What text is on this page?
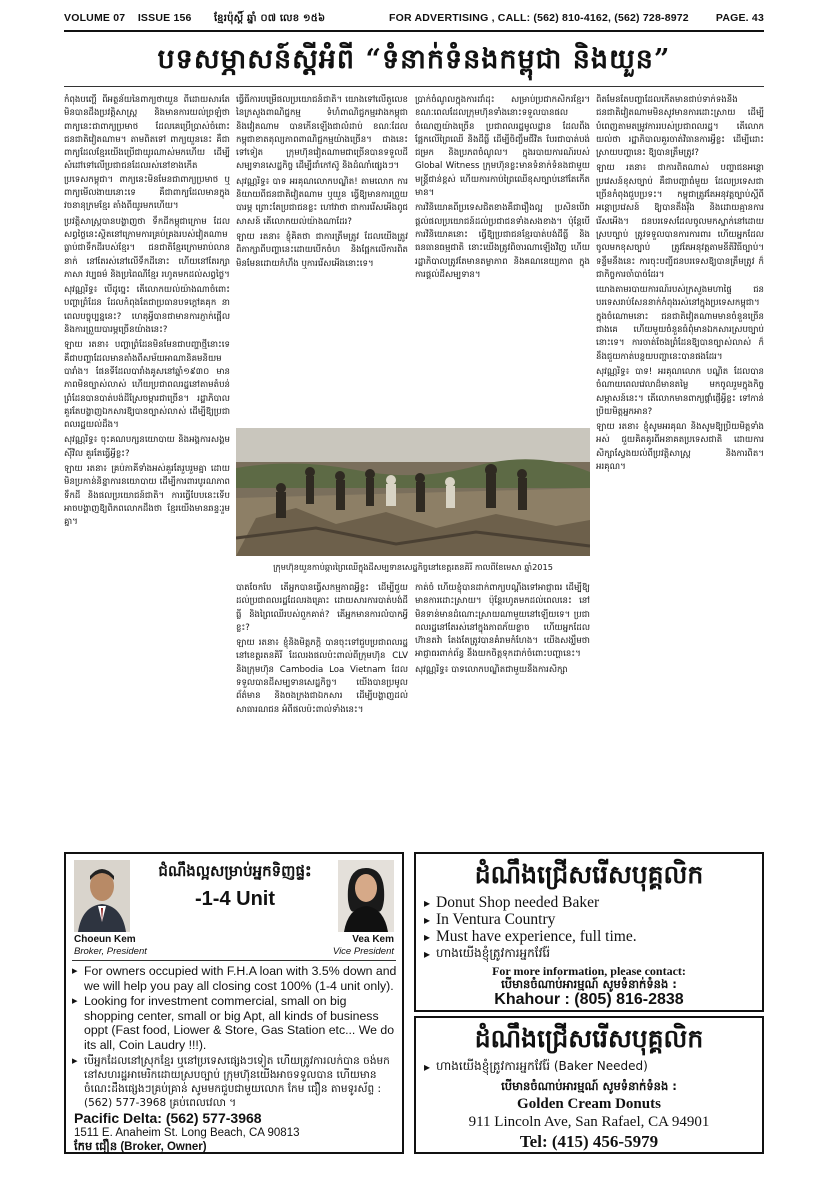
VOLUME 07 ISSUE 156	ខ្មែរប៉ុស្តិ៍ ឆ្នាំ ០៧ លេខ ១៥៦	FOR ADVERTISING , CALL: (562) 810-4162, (562) 728-8972	PAGE. 43
បទសម្ភាសន៍ស្ដីអំពី “ទំនាក់ទំនងកម្ពុជា និងយួន”

កំពុងបញ្ហើ ពីអត្ថន័យនៃពាក្យថាយួន ពីដោយសារតែមិនបានដឹងប្រវត្តិសាស្ត្រ និងមានការយល់ច្រឡំថា ពាក្យនេះជាពាក្យប្រមាថ ដែលគេប្រើប្រាស់ចំពោះជនជាតិវៀតណាម។ តាមពិតទៅ ពាក្យយួននេះ គឺជាពាក្យដែលខ្មែរយើងប្រើជាយូរណាស់មកហើយ ដើម្បីសំដៅទៅលើប្រជាជនដែលរស់នៅខាងកើតប្រទេសកម្ពុជា។ ពាក្យនេះមិនមែនជាពាក្យប្រមាថ ឬពាក្យមើលងាយនោះទេ គឺជាពាក្យដែលមានក្នុងវចនានុក្រមខ្មែរ តាំងពីយូរមកហើយ។

ប្រវត្តិសាស្ត្របានបង្ហាញថា ទឹកដីកម្ពុជាក្រោម ដែលសព្វថ្ងៃនេះស្ថិតនៅក្រោមការគ្រប់គ្រងរបស់វៀតណាម ធ្លាប់ជាទឹកដីរបស់ខ្មែរ។ ជនជាតិខ្មែរក្រោមរាប់លាននាក់ នៅតែរស់នៅលើទឹកដីនោះ ហើយនៅតែរក្សាភាសា វប្បធម៌ និងប្រពៃណីខ្មែរ រហូតមកដល់សព្វថ្ងៃ។

សុវណ្ណរិទ្ធ៖ បើដូច្នេះ តើលោកយល់យ៉ាងណាចំពោះបញ្ហាព្រំដែន ដែលកំពុងតែជាប្រធានបទក្ដៅគគុក នាពេលបច្ចុប្បន្ននេះ? ហេតុអ្វីបានជាមានការភ្ញាក់ផ្អើល និងការព្រួយបារម្ភច្រើនយ៉ាងនេះ?

ឡាយ រតនា៖ បញ្ហាព្រំដែនមិនមែនជាបញ្ហាថ្មីនោះទេ គឺជាបញ្ហាដែលមានតាំងពីសម័យអាណានិគមនិយមបារាំង។ ផែនទីដែលបារាំងគូសនៅឆ្នាំ១៩៣០ មានភាពមិនច្បាស់លាស់ ហើយប្រជាពលរដ្ឋនៅតាមតំបន់ព្រំដែនបានបាត់បង់ដីស្រែចម្ការជាច្រើន។ រដ្ឋាភិបាលគួរតែបង្ហាញឯកសារឱ្យបានច្បាស់លាស់ ដើម្បីឱ្យប្រជាពលរដ្ឋយល់ដឹង។

សុវណ្ណរិទ្ធ៖ ចុះគណបក្សនយោបាយ និងអង្គការសង្គមស៊ីវិល គួរតែធ្វើអ្វីខ្លះ?

ឡាយ រតនា៖ គ្រប់ភាគីទាំងអស់គួរតែរួបរួមគ្នា ដោយមិនប្រកាន់និន្នាការនយោបាយ ដើម្បីការពារបូរណភាពទឹកដី និងផលប្រយោជន៍ជាតិ។ ការធ្វើបែបនេះទើបអាចបង្ហាញឱ្យពិភពលោកដឹងថា ខ្មែរយើងមានឆន្ទៈរួមគ្នា។

ធ្វើធីការបម្រើផលប្រយោជន៍ជាតិ។ យោងទៅលើតួលេខនៃក្រសួងពាណិជ្ជកម្ម ទំហំពាណិជ្ជកម្មរវាងកម្ពុជា និងវៀតណាម បានកើនឡើងជាលំដាប់ ខណៈដែលកម្ពុជាខាតតុល្យភាពពាណិជ្ជកម្មយ៉ាងច្រើន។ ជាងនេះទៅទៀត ក្រុមហ៊ុនវៀតណាមជាច្រើនបានទទួលដីសម្បទានសេដ្ឋកិច្ច ដើម្បីដាំកៅស៊ូ និងដំណាំផ្សេងៗ។

សុវណ្ណរិទ្ធ៖ បាទ អរគុណលោកបណ្ឌិត! តាមលោក ការនិយាយពីជនជាតិវៀតណាម ឬយួន ធ្វើឱ្យមានការព្រួយបារម្ភ ព្រោះតែប្រជាជនខ្លះ ហៅវាថា ជាការរើសអើងពូជសាសន៍ តើលោកយល់យ៉ាងណាដែរ?

ឡាយ រតនា៖ ខ្ញុំគិតថា ជាការត្រឹមត្រូវ ដែលយើងត្រូវពិភាក្សាពីបញ្ហានេះដោយបើកចំហ និងផ្អែកលើការពិត មិនមែនដោយកំហឹង ឬការរើសអើងនោះទេ។

ប្រាក់ចំណូលក្នុងការដាំដុះ សម្រាប់ប្រជាកសិករខ្មែរ។ ខណៈពេលដែលក្រុមហ៊ុនទាំងនោះទទួលបានផលចំណេញយ៉ាងច្រើន ប្រជាពលរដ្ឋមូលដ្ឋាន ដែលពឹងផ្អែកលើព្រៃឈើ និងដីធ្លី ដើម្បីចិញ្ចឹមជីវិត បែរជាបាត់បង់ជម្រក និងប្រភពចំណូល។ ក្នុងរបាយការណ៍របស់ Global Witness ក្រុមហ៊ុនខ្លះមានទំនាក់ទំនងជាមួយមន្ត្រីជាន់ខ្ពស់ ហើយការកាប់ព្រៃឈើខុសច្បាប់នៅតែកើតមាន។

ការវិនិយោគពីប្រទេសជិតខាងគឺជារឿងល្អ ប្រសិនបើវាផ្ដល់ផលប្រយោជន៍ដល់ប្រជាជនទាំងសងខាង។ ប៉ុន្តែបើការវិនិយោគនោះ ធ្វើឱ្យប្រជាជនខ្មែរបាត់បង់ដីធ្លី និងធនធានធម្មជាតិ នោះយើងត្រូវពិចារណាឡើងវិញ ហើយរដ្ឋាភិបាលត្រូវតែមានតម្លាភាព និងគណនេយ្យភាព ក្នុងការផ្ដល់ដីសម្បទាន។

ក្រុមហ៊ុនយួនកាប់ឆ្ការព្រៃឈើក្នុងដីសម្បទានសេដ្ឋកិច្ចនៅខេត្តរតនគិរី កាលពីខែមេសា ឆ្នាំ2015

បាតចែកបែ តើអ្នកបានធ្វើសកម្មភាពអ្វីខ្លះ ដើម្បីជួយដល់ប្រជាពលរដ្ឋដែលរងគ្រោះ ដោយសារការបាត់បង់ដីធ្លី និងព្រៃឈើរបស់ពួកគាត់? តើអ្នកមានការលំបាកអ្វីខ្លះ?

ឡាយ រតនា៖ ខ្ញុំនិងមិត្តភក្តិ បានចុះទៅជួបប្រជាពលរដ្ឋនៅខេត្តរតនគិរី ដែលរងផលប៉ះពាល់ពីក្រុមហ៊ុន CLV និងក្រុមហ៊ុន Cambodia Loa Vietnam ដែលទទួលបានដីសម្បទានសេដ្ឋកិច្ច។ យើងបានប្រមូលព័ត៌មាន និងចងក្រងជាឯកសារ ដើម្បីបង្ហាញដល់សាធារណជន អំពីផលប៉ះពាល់ទាំងនេះ។

កាត់ចំ ហើយខ្ញុំបានដាក់ពាក្យបណ្ដឹងទៅអាជ្ញាធរ ដើម្បីឱ្យមានការដោះស្រាយ។ ប៉ុន្តែរហូតមកដល់ពេលនេះ នៅមិនទាន់មានដំណោះស្រាយណាមួយនៅឡើយទេ។ ប្រជាពលរដ្ឋនៅតែរស់នៅក្នុងភាពភ័យខ្លាច ហើយអ្នកដែលហ៊ានតវ៉ា តែងតែត្រូវបានគំរាមកំហែង។ យើងសង្ឃឹមថា អាជ្ញាធរពាក់ព័ន្ធ នឹងយកចិត្តទុកដាក់ចំពោះបញ្ហានេះ។

សុវណ្ណរិទ្ធ៖ បាទលោកបណ្ឌិតជាមួយនឹងការសិក្សា

ពិតមែនតែបញ្ហាដែលកើតមានជាប់ទាក់ទងនឹងជនជាតិវៀតណាមមិនសូវមានការដោះស្រាយ ដើម្បីបំពេញតាមតម្រូវការរបស់ប្រជាពលរដ្ឋ។ តើលោកយល់ថា រដ្ឋាភិបាលគួរចាត់វិធានការអ្វីខ្លះ ដើម្បីដោះស្រាយបញ្ហានេះ ឱ្យបានត្រឹមត្រូវ?

ឡាយ រតនា៖ ជាការពិតណាស់ បញ្ហាជនអន្តោប្រវេសន៍ខុសច្បាប់ គឺជាបញ្ហាធំមួយ ដែលប្រទេសជាច្រើនកំពុងជួបប្រទះ។ កម្ពុជាត្រូវតែអនុវត្តច្បាប់ស្ដីពីអន្តោប្រវេសន៍ ឱ្យបានតឹងរ៉ឹង និងដោយគ្មានការរើសអើង។ ជនបរទេសដែលចូលមកស្នាក់នៅដោយស្របច្បាប់ ត្រូវទទួលបានការការពារ ហើយអ្នកដែលចូលមកខុសច្បាប់ ត្រូវតែអនុវត្តតាមនីតិវិធីច្បាប់។ ទន្ទឹមនឹងនេះ ការចុះបញ្ជីជនបរទេសឱ្យបានត្រឹមត្រូវ ក៏ជាកិច្ចការចាំបាច់ដែរ។

យោងតាមរបាយការណ៍របស់ក្រសួងមហាផ្ទៃ ជនបរទេសរាប់សែននាក់កំពុងរស់នៅក្នុងប្រទេសកម្ពុជា។ ក្នុងចំណោមនោះ ជនជាតិវៀតណាមមានចំនួនច្រើនជាងគេ ហើយមួយចំនួនធំពុំមានឯកសារស្របច្បាប់នោះទេ។ ការចាត់ចែងព្រំដែនឱ្យបានច្បាស់លាស់ ក៏នឹងជួយកាត់បន្ថយបញ្ហានេះបានផងដែរ។

សុវណ្ណរិទ្ធ៖ បាទ! អរគុណលោក បណ្ឌិត ដែលបានចំណាយពេលវេលាដ៏មានតម្លៃ មកចូលរួមក្នុងកិច្ចសម្ភាសន៍នេះ។ តើលោកមានពាក្យផ្ដាំផ្ញើអ្វីខ្លះ ទៅកាន់ប្រិយមិត្តអ្នកអាន?

ឡាយ រតនា៖ ខ្ញុំសូមអរគុណ និងសូមឱ្យប្រិយមិត្តទាំងអស់ ជួយគិតគូរពីអនាគតប្រទេសជាតិ ដោយការសិក្សាស្វែងយល់ពីប្រវត្តិសាស្ត្រ និងការពិត។ អរគុណ។

ជំណឹងល្អសម្រាប់អ្នកទិញផ្ទះ
-1-4 Unit
Choeun Kem
Broker, President
Vea Kem
Vice President
▸ For owners occupied with F.H.A loan with 3.5% down and we will help you pay all closing cost 100% (1-4 unit only).
▸ Looking for investment commercial, small on big shopping center, small or big Apt, all kinds of business oppt (Fast food, Liower & Store, Gas Station etc... We do its all, Coin Laudry !!!).
▸ បើអ្នកដែលនៅស្រុកខ្មែរ ឬនៅប្រទេសផ្សេងៗទៀត ហើយត្រូវការលក់បាន ចង់មកនៅសហរដ្ឋអាមេរិកដោយស្របច្បាប់ ក្រុមហ៊ុនយើងអាចទទួលបាន ហើយមានចំណេះដឹងផ្សេងៗគ្រប់គ្រាន់ សូមមកជួបជាមួយលោក កែម ជឿន តាមទូរស័ព្ទ : (562) 577-3968 គ្រប់ពេលវេលា ។
Pacific Delta: (562) 577-3968
1511 E. Anaheim St. Long Beach, CA 90813
កែម ជឿន (Broker, Owner)
ដំណឹងជ្រើសរើសបុគ្គលិក
▸ Donut Shop needed Baker
▸ In Ventura Country
▸ Must have experience, full time.
▸ ហាងយើងខ្ញុំត្រូវការអ្នកវែរ៉ែ
For more information, please contact:
បើមានចំណាប់អារម្មណ៍ សូមទំនាក់ទំនង :
Khahour : (805) 816-2838
ដំណឹងជ្រើសរើសបុគ្គលិក
▸ ហាងយើងខ្ញុំត្រូវការអ្នកវែរ៉ែ (Baker Needed)
បើមានចំណាប់អារម្មណ៍ សូមទំនាក់ទំនង :
Golden Cream Donuts
911 Lincoln Ave, San Rafael, CA 94901
Tel: (415) 456-5979
